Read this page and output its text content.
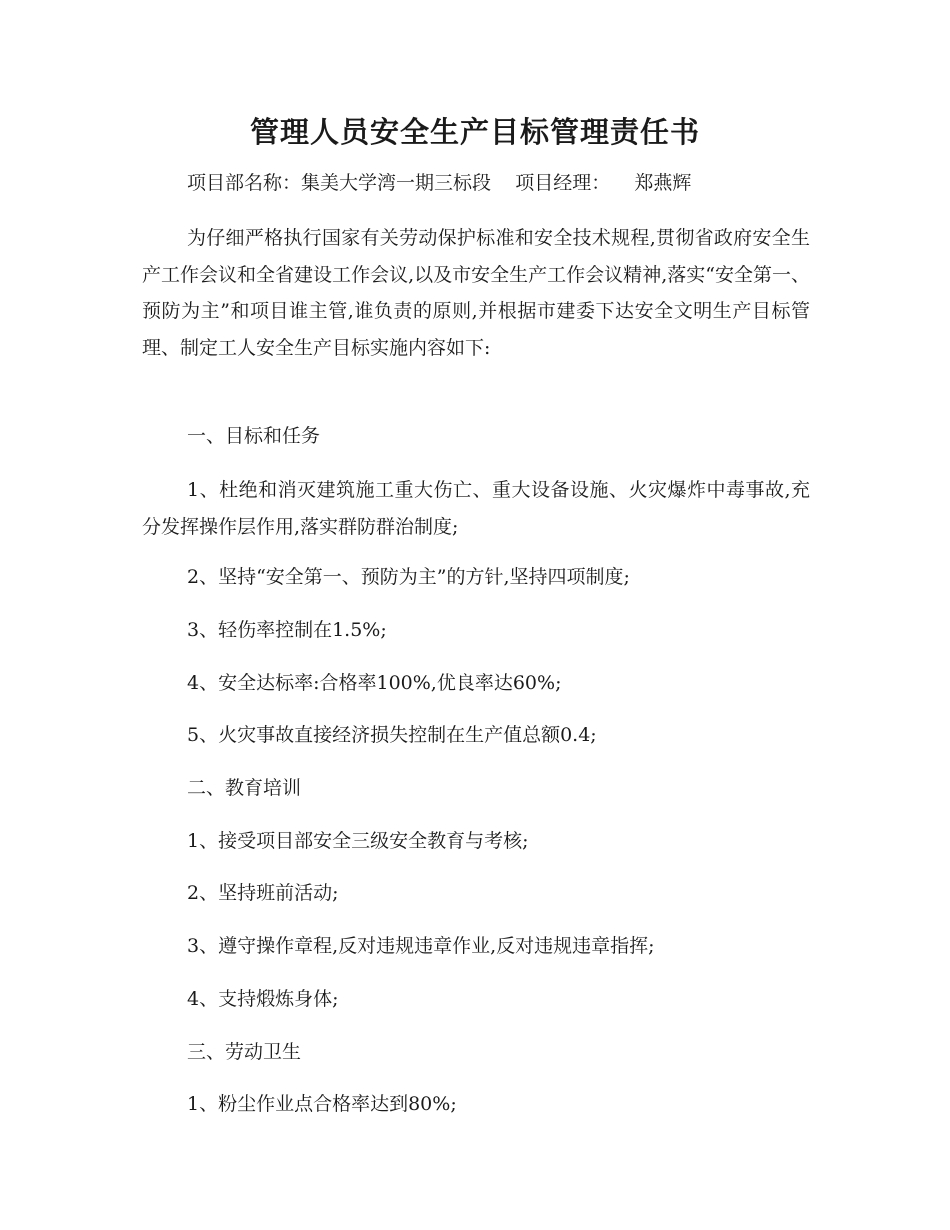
管理人员安全生产目标管理责任书
项目部名称：集美大学湾一期三标段 项目经理： 郑燕辉
为仔细严格执行国家有关劳动保护标准和安全技术规程,贯彻省政府安全生产工作会议和全省建设工作会议,以及市安全生产工作会议精神,落实“安全第一、预防为主”和项目谁主管,谁负责的原则,并根据市建委下达安全文明生产目标管理、制定工人安全生产目标实施内容如下:
一、目标和任务
1、杜绝和消灭建筑施工重大伤亡、重大设备设施、火灾爆炸中毒事故,充分发挥操作层作用,落实群防群治制度;
2、坚持“安全第一、预防为主”的方针,坚持四项制度;
3、轻伤率控制在1.5%;
4、安全达标率:合格率100%,优良率达60%;
5、火灾事故直接经济损失控制在生产值总额0.4;
二、教育培训
1、接受项目部安全三级安全教育与考核;
2、坚持班前活动;
3、遵守操作章程,反对违规违章作业,反对违规违章指挥;
4、支持煅炼身体;
三、劳动卫生
1、粉尘作业点合格率达到80%;
